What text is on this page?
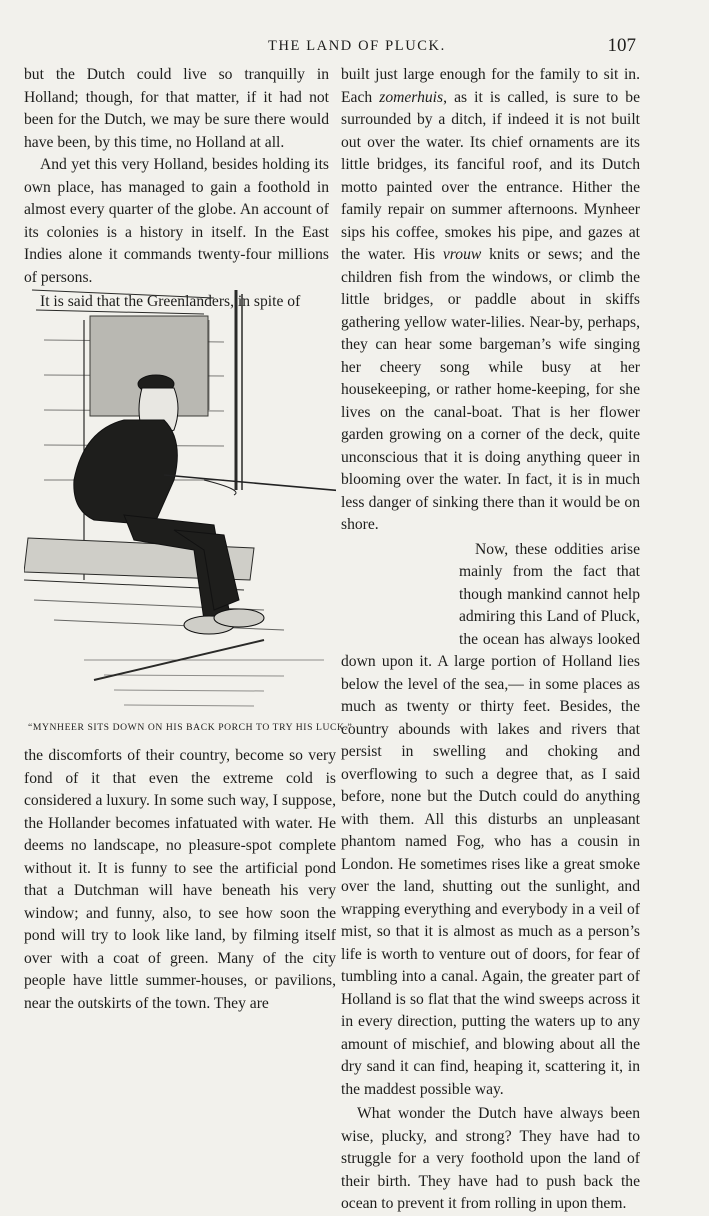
THE LAND OF PLUCK.	107

but the Dutch could live so tranquilly in Holland; though, for that matter, if it had not been for the Dutch, we may be sure there would have been, by this time, no Holland at all.

And yet this very Holland, besides holding its own place, has managed to gain a foothold in almost every quarter of the globe. An account of its colonies is a history in itself. In the East Indies alone it commands twenty-four millions of persons.

It is said that the Greenlanders, in spite of

“MYNHEER SITS DOWN ON HIS BACK PORCH TO TRY HIS LUCK.”

the discomforts of their country, become so very fond of it that even the extreme cold is considered a luxury. In some such way, I suppose, the Hollander becomes infatuated with water. He deems no landscape, no pleasure-spot complete without it. It is funny to see the artificial pond that a Dutchman will have beneath his very window; and funny, also, to see how soon the pond will try to look like land, by filming itself over with a coat of green. Many of the city people have little summer-houses, or pavilions, near the outskirts of the town. They are

built just large enough for the family to sit in. Each zomerhuis, as it is called, is sure to be surrounded by a ditch, if indeed it is not built out over the water. Its chief ornaments are its little bridges, its fanciful roof, and its Dutch motto painted over the entrance. Hither the family repair on summer afternoons. Mynheer sips his coffee, smokes his pipe, and gazes at the water. His vrouw knits or sews; and the children fish from the windows, or climb the little bridges, or paddle about in skiffs gathering yellow water-lilies. Near-by, perhaps, they can hear some bargeman’s wife singing her cheery song while busy at her housekeeping, or rather home-keeping, for she lives on the canal-boat. That is her flower garden growing on a corner of the deck, quite unconscious that it is doing anything queer in blooming over the water. In fact, it is in much less danger of sinking there than it would be on shore.

Now, these oddities arise mainly from the fact that though mankind cannot help admiring this Land of Pluck, the ocean has always looked down upon it. A large portion of Holland lies below the level of the sea,— in some places as much as twenty or thirty feet. Besides, the country abounds with lakes and rivers that persist in swelling and choking and overflowing to such a degree that, as I said before, none but the Dutch could do anything with them. All this disturbs an unpleasant phantom named Fog, who has a cousin in London. He sometimes rises like a great smoke over the land, shutting out the sunlight, and wrapping everything and everybody in a veil of mist, so that it is almost as much as a person’s life is worth to venture out of doors, for fear of tumbling into a canal. Again, the greater part of Holland is so flat that the wind sweeps across it in every direction, putting the waters up to any amount of mischief, and blowing about all the dry sand it can find, heaping it, scattering it, in the maddest possible way.

What wonder the Dutch have always been wise, plucky, and strong? They have had to struggle for a very foothold upon the land of their birth. They have had to push back the ocean to prevent it from rolling in upon them.
